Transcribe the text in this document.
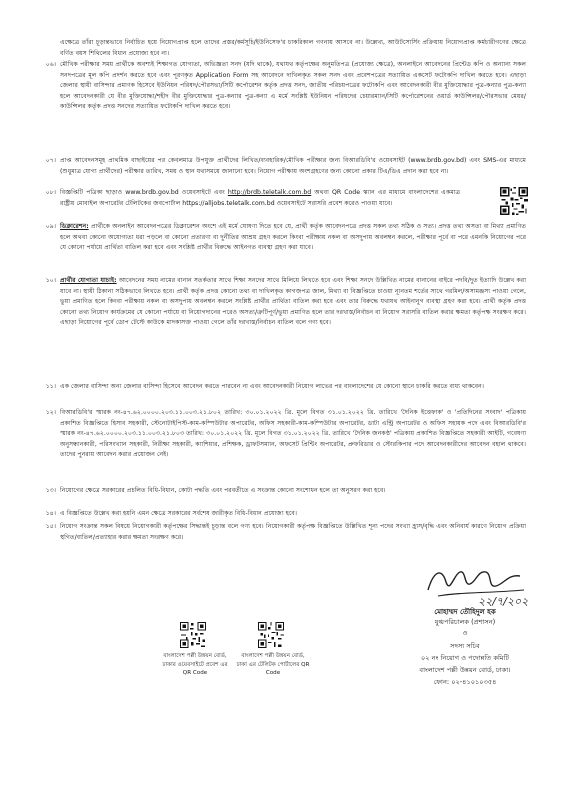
এক্ষেত্রে তাঁরা চূড়ান্তভাবে নির্বাচিত হয়ে নিয়োগপ্রাপ্ত হলে তাদের প্রস্তর/কর্মসূচি/ইউনিসেফ'র চাকরিকাল গণনায় আসবে না। উল্লেখ্য, আউটসোর্সিং প্রক্রিয়ায় নিয়োগপ্রাপ্ত কর্মচারীগণের ক্ষেত্রে বর্ণিত বয়স শিথিলের বিধান প্রযোজ্য হবে না।
০৬। মৌখিক পরীক্ষার সময় প্রার্থীকে অবশ্যই শিক্ষাগত যোগ্যতা, অভিজ্ঞতা সনদ (যদি থাকে), যথাযথ কর্তৃপক্ষের অনুমতিপত্র (প্রযোজ্য ক্ষেত্রে), অনলাইনে আবেদনের প্রিন্টেড কপি ও অন্যান্য সকল সনদপত্রের মূল কপি প্রদর্শন করতে হবে এবং পূরণকৃত Application Form সহ আবেদনে দাখিলকৃত সকল সনদ এবং প্রবেশপত্রের সত্যায়িত একসেট ফটোকপি দাখিল করতে হবে। এছাড়া জেলার স্থায়ী বাসিন্দার প্রমাণক হিসেবে ইউনিয়ন পরিষদ/পৌরসভা/সিটি কর্পোরেশন কর্তৃক প্রদত্ত সনদ, জাতীয় পরিচয়পত্রের ফটোকপি এবং আবেদনকারী বীর মুক্তিযোদ্ধার পুত্র-কন্যার পুত্র-কন্যা হলে আবেদনকারী যে বীর মুক্তিযোদ্ধা/শহীদ বীর মুক্তিযোদ্ধার পুত্র-কন্যার পুত্র-কন্যা এ মর্মে সংশ্লিষ্ট ইউনিয়ন পরিষদের চেয়ারম্যান/সিটি কর্পোরেশনের ওয়ার্ড কাউন্সিলর/পৌরসভার মেয়র/কাউন্সিলর কর্তৃক প্রদত্ত সনদের সত্যায়িত ফটোকপি দাখিল করতে হবে।
০৭। প্রাপ্ত আবেদনসমূহ প্রাথমিক বাছাইয়ের পর কেবলমাত্র উপযুক্ত প্রার্থীদের লিখিত/ব্যবহারিক/মৌখিক পরীক্ষার জন্য বিআরডিবি'র ওয়েবসাইট (www.brdb.gov.bd) এবং SMS-এর মাধ্যমে (শুধুমাত্র যোগ্য প্রার্থীদের) পরীক্ষার তারিখ, সময় ও স্থান যথাসময়ে জানানো হবে। নিয়োগ পরীক্ষায় অংশগ্রহণের জন্য কোনো প্রকার টিএ/ডিএ প্রদান করা হবে না।
০৮। বিজ্ঞপ্তিটি পত্রিকা ছাড়াও www.brdb.gov.bd ওয়েবসাইটে এবং http://brdb.teletalk.com.bd অথবা QR Code স্ক্যান এর মাধ্যমে বাংলাদেশের একমাত্র রাষ্ট্রীয় মোবাইল অপারেটর টেলিটকের জবপোর্টাল https://alljobs.teletalk.com.bd ওয়েবসাইটে সরাসরি প্রবেশ করেও পাওয়া যাবে।
০৯। ডিক্লারেশন: প্রার্থীকে অনলাইন আবেদনপত্রের ডিক্লারেশন অংশে এই মর্মে ঘোষণা দিতে হবে যে, প্রার্থী কর্তৃক আবেদনপত্রে প্রদত্ত সকল তথ্য সঠিক ও সত্য। প্রদত্ত তথ্য অসত্য বা মিথ্যা প্রমাণিত হলে অথবা কোনো অযোগ্যতা ধরা পড়লে বা কোনো প্রতারণা বা দুর্নীতির আশ্রয় গ্রহণ করলে কিংবা পরীক্ষায় নকল বা অসদুপায় অবলম্বন করলে, পরীক্ষার পূর্বে বা পরে এমনকি নিয়োগের পরে যে কোনো পর্যায়ে প্রার্থিতা বাতিল করা হবে এবং সংশ্লিষ্ট প্রার্থীর বিরুদ্ধে আইনগত ব্যবস্থা গ্রহণ করা যাবে।
১০। প্রার্থীর যোগ্যতা যাচাই: আবেদনের সময় নামের বানান সতর্কতার সাথে শিক্ষা সনদের সাথে মিলিয়ে লিখতে হবে এবং শিক্ষা সনদে উল্লিখিত নামের বানানের বাইরে পদবি/দুত ইত্যাদি উল্লেখ করা যাবে না। স্থায়ী ঠিকানা সঠিকভাবে লিখতে হবে। প্রার্থী কর্তৃক প্রদত্ত কোনো তথ্য বা দাখিলকৃত কাগজপত্র জাল, মিথ্যা বা বিজ্ঞপ্তিতে চাওয়া ন্যূনতম শর্তের সাথে গরমিল/অসামঞ্জস্য পাওয়া গেলে, ভুয়া প্রমাণিত হলে কিংবা পরীক্ষায় নকল বা অসদুপায় অবলম্বন করলে সংশ্লিষ্ট প্রার্থীর প্রার্থিতা বাতিল করা হবে এবং তার বিরুদ্ধে যথাযথ আইনানুগ ব্যবস্থা গ্রহণ করা হবে। প্রার্থী কর্তৃক প্রদত্ত কোনো তথ্য নিয়োগ কার্যক্রমের যে কোনো পর্যায়ে বা নিয়োগদানের পরেও অসত্য/ত্রুটিপূর্ণ/ভুয়া প্রমাণিত হলে তার দরখাস্ত/নির্বাচন বা নিয়োগ সরাসরি বাতিল করার ক্ষমতা কর্তৃপক্ষ সংরক্ষণ করে। এছাড়া নিয়োগের পূর্বে ডোপ টেস্টে কাউকে মাদকাসক্ত পাওয়া গেলে তাঁর দরখাস্ত/নির্বাচন বাতিল বলে গণ্য হবে।
১১। এক জেলার বাসিন্দা অন্য জেলার বাসিন্দা হিসেবে আবেদন করতে পারবেন না এবং আবেদনকারী নিয়োগ লাভের পর বাংলাদেশের যে কোনো স্থানে চাকরি করতে বাধ্য থাকবেন।
১২। বিআরডিবি'র স্মারক নং-৪৭.৬২.০০০০.২০৩.১১.০০৩.২১.৮০২ তারিখ: ৩০.০১.২০২২ খ্রি. মূলে বিগত ৩১.০১.২০২২ খ্রি. তারিখে 'দৈনিক ইত্তেফাক' ও 'প্রতিদিনের সংবাদ' পত্রিকায় প্রকাশিত বিজ্ঞপ্তিতে হিসাব সহকারী, স্টেনোটাইপিস্ট-কাম-কম্পিউটার অপারেটর, অফিস সহকারী-কাম-কম্পিউটার অপারেটর, ডাটা এন্ট্রি অপারেটর ও অফিস সহায়ক পদে এবং বিআরডিবি'র স্মারক নং-৪৭.৬২.০০০০.২০৩.১১.০০৩.২১.৮০৩ তারিখ: ৩০.০১.২০২২ খ্রি. মূলে বিগত ৩১.০১.২০২২ খ্রি. তারিখে 'দৈনিক জনকণ্ঠ' পত্রিকায় প্রকাশিত বিজ্ঞপ্তিতে সহকারী আইটি, গবেষণা অনুসন্ধানকারী, পরিসংখ্যান সহকারী, নিরীক্ষা সহকারী, ক্যাশিয়ার, প্রশিক্ষক, ড্রাফটসম্যান, অফসেট প্রিন্টিং অপারেটর, প্রুফরিডার ও স্টোরকিপার পদে আবেদনকারীদের আবেদন বহাল থাকবে। তাদের পুনরায় আবেদন করার প্রয়োজন নেই।
১৩। নিয়োগের ক্ষেত্রে সরকারের প্রচলিত বিধি-বিধান, কোটা পদ্ধতি এবং পরবর্তীতে এ সংক্রান্ত কোনো সংশোধন হলে তা অনুসরণ করা হবে।
১৪। এ বিজ্ঞপ্তিতে উল্লেখ করা হয়নি এমন ক্ষেত্রে সরকারের সর্বশেষ জারীকৃত বিধি-বিধান প্রযোজ্য হবে।
১৫। নিয়োগ সংক্রান্ত সকল বিষয়ে নিয়োগকারী কর্তৃপক্ষের সিদ্ধান্তই চূড়ান্ত বলে গণ্য হবে। নিয়োগকারী কর্তৃপক্ষ বিজ্ঞপ্তিতে উল্লিখিত শূন্য পদের সংখ্যা হ্রাস/বৃদ্ধি এবং অনিবার্য কারণে নিয়োগ প্রক্রিয়া স্থগিত/বাতিল/প্রত্যাহার করার ক্ষমতা সংরক্ষণ করে।
২২/৭/২০২৪
মোহাম্মদ তৌহিদুল হক
যুগ্মপরিচালক (প্রশাসন)
ও
সদস্য সচিব
০২ নং নিয়োগ ও পদোন্নতি কমিটি
বাংলাদেশ পল্লী উন্নয়ন বোর্ড, ঢাকা।
ফোন: ০২-৪১০১০৩৫৪
বাংলাদেশ পল্লী উন্নয়ন বোর্ড, ঢাকার ওয়েবসাইটে প্রবেশ এর QR Code
বাংলাদেশ পল্লী উন্নয়ন বোর্ড, ঢাকা এর টেলিটক পোর্টালের QR Code
